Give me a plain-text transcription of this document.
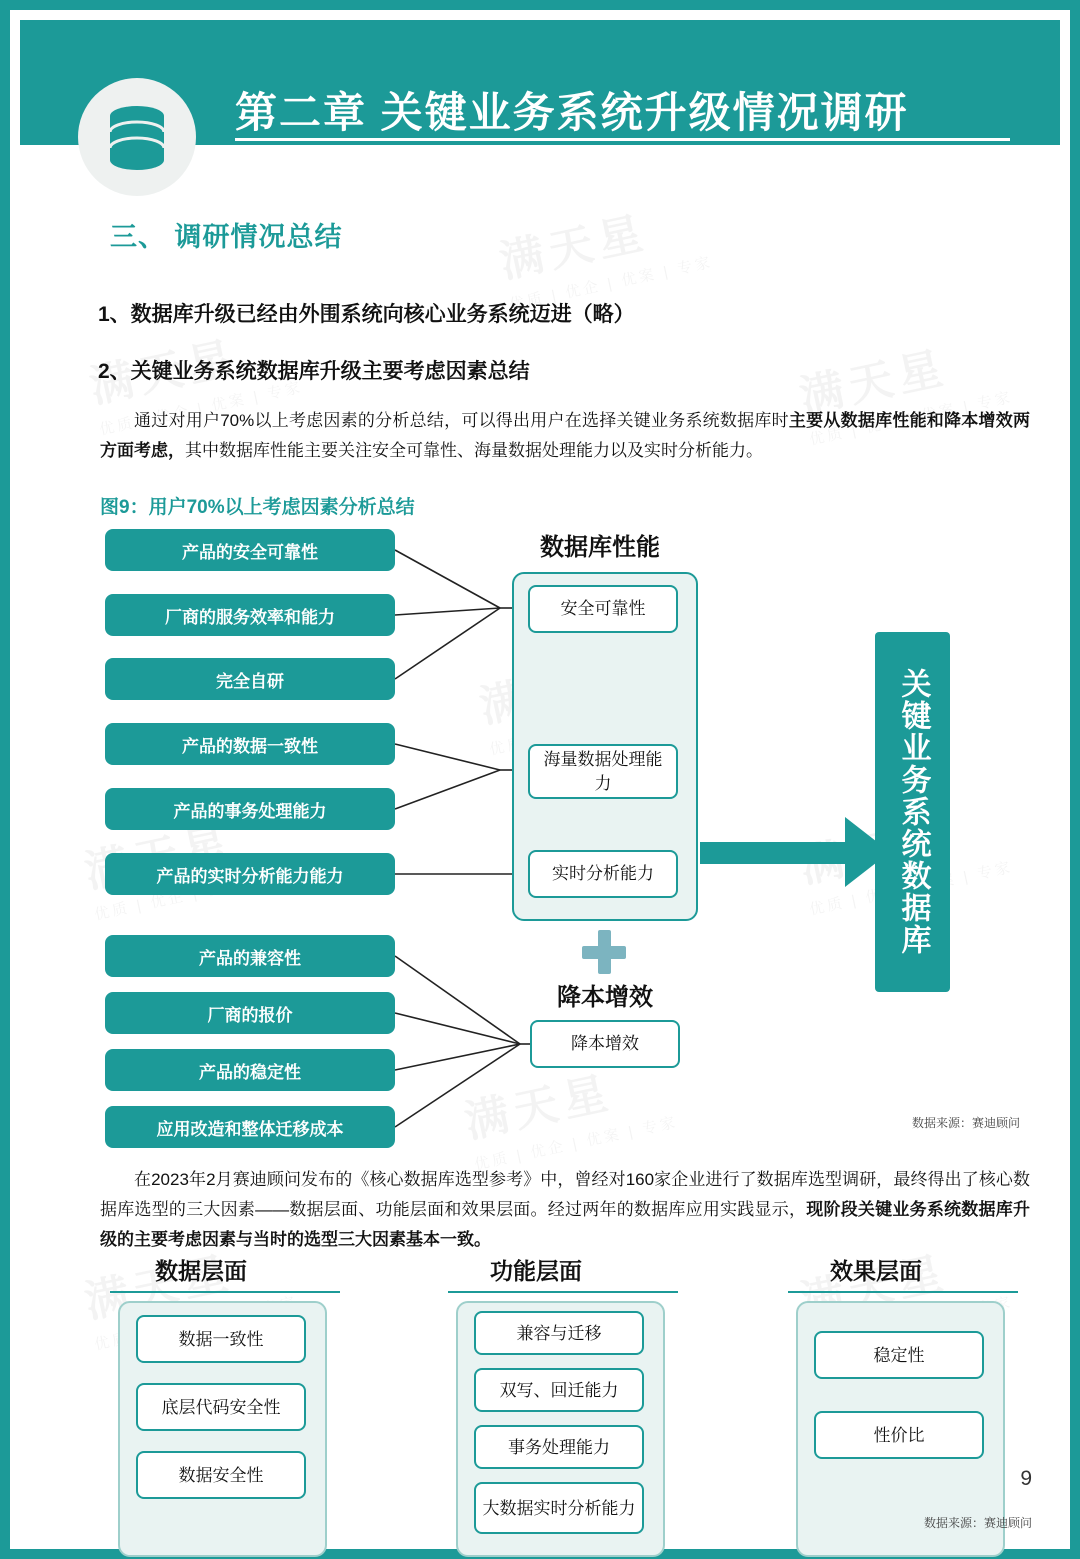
第二章 关键业务系统升级情况调研
三、 调研情况总结
1、数据库升级已经由外围系统向核心业务系统迈进（略）
2、关键业务系统数据库升级主要考虑因素总结
通过对用户70%以上考虑因素的分析总结，可以得出用户在选择关键业务系统数据库时主要从数据库性能和降本增效两方面考虑，其中数据库性能主要关注安全可靠性、海量数据处理能力以及实时分析能力。
图9：用户70%以上考虑因素分析总结
产品的安全可靠性
厂商的服务效率和能力
完全自研
产品的数据一致性
产品的事务处理能力
产品的实时分析能力能力
产品的兼容性
厂商的报价
产品的稳定性
应用改造和整体迁移成本
数据库性能
安全可靠性
海量数据处理能力
实时分析能力
降本增效
降本增效
关键业务系统数据库
数据来源：赛迪顾问
在2023年2月赛迪顾问发布的《核心数据库选型参考》中，曾经对160家企业进行了数据库选型调研，最终得出了核心数据库选型的三大因素——数据层面、功能层面和效果层面。经过两年的数据库应用实践显示，现阶段关键业务系统数据库升级的主要考虑因素与当时的选型三大因素基本一致。
数据层面
数据一致性
底层代码安全性
数据安全性
功能层面
兼容与迁移
双写、回迁能力
事务处理能力
大数据实时分析能力
效果层面
稳定性
性价比
数据来源：赛迪顾问
9
